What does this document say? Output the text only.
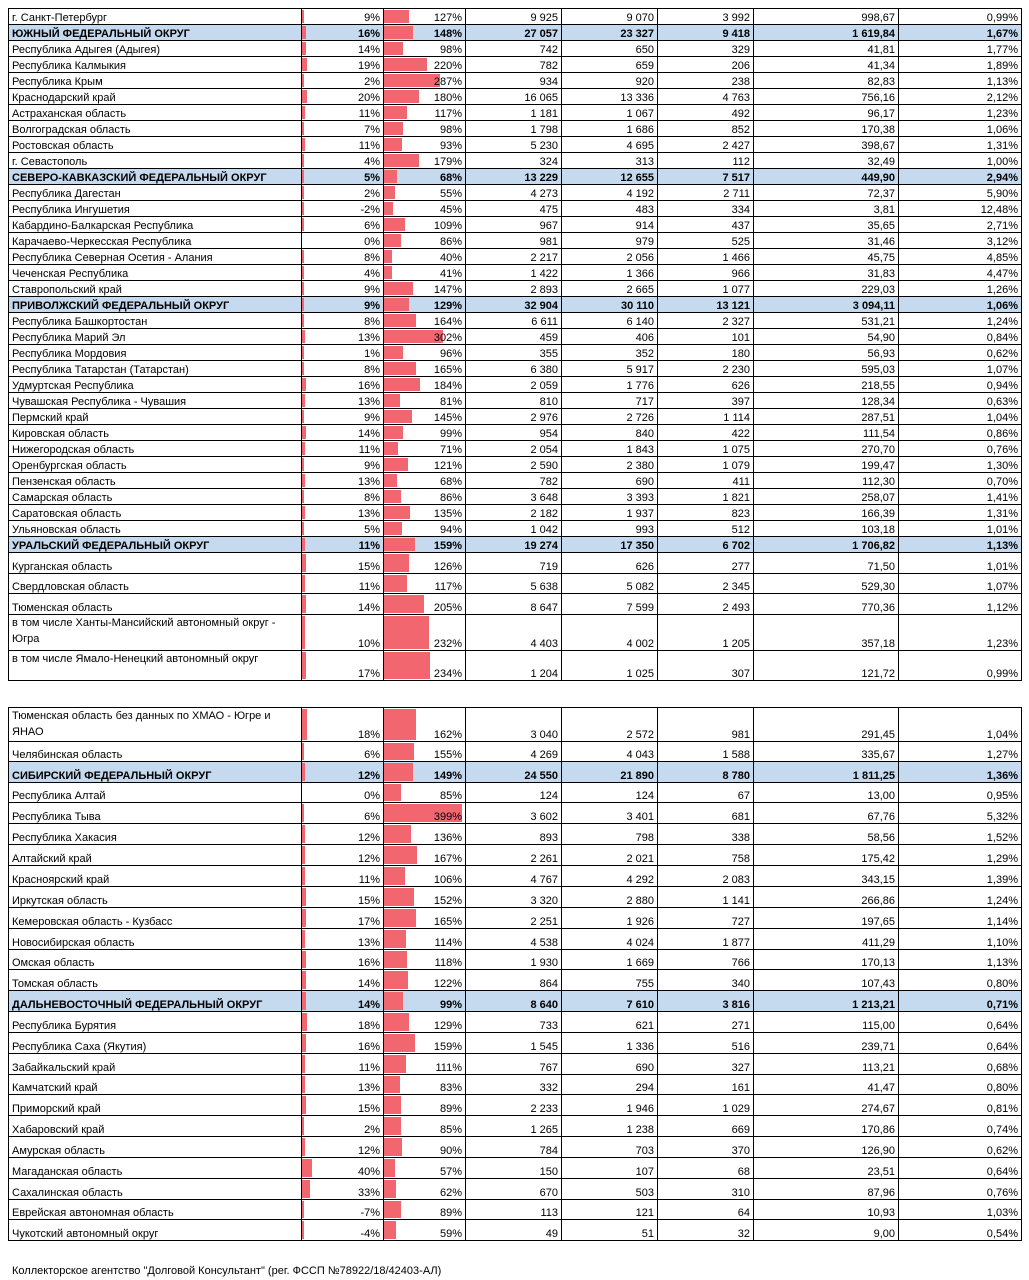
г. Санкт-Петербург	9%	127%	9 925	9 070	3 992	998,67	0,99%
ЮЖНЫЙ ФЕДЕРАЛЬНЫЙ ОКРУГ	16%	148%	27 057	23 327	9 418	1 619,84	1,67%
Республика Адыгея (Адыгея)	14%	98%	742	650	329	41,81	1,77%
Республика Калмыкия	19%	220%	782	659	206	41,34	1,89%
Республика Крым	2%	287%	934	920	238	82,83	1,13%
Краснодарский край	20%	180%	16 065	13 336	4 763	756,16	2,12%
Астраханская область	11%	117%	1 181	1 067	492	96,17	1,23%
Волгоградская область	7%	98%	1 798	1 686	852	170,38	1,06%
Ростовская область	11%	93%	5 230	4 695	2 427	398,67	1,31%
г. Севастополь	4%	179%	324	313	112	32,49	1,00%
СЕВЕРО-КАВКАЗСКИЙ ФЕДЕРАЛЬНЫЙ ОКРУГ	5%	68%	13 229	12 655	7 517	449,90	2,94%
Республика Дагестан	2%	55%	4 273	4 192	2 711	72,37	5,90%
Республика Ингушетия	-2%	45%	475	483	334	3,81	12,48%
Кабардино-Балкарская Республика	6%	109%	967	914	437	35,65	2,71%
Карачаево-Черкесская Республика	0%	86%	981	979	525	31,46	3,12%
Республика Северная Осетия - Алания	8%	40%	2 217	2 056	1 466	45,75	4,85%
Чеченская Республика	4%	41%	1 422	1 366	966	31,83	4,47%
Ставропольский край	9%	147%	2 893	2 665	1 077	229,03	1,26%
ПРИВОЛЖСКИЙ ФЕДЕРАЛЬНЫЙ ОКРУГ	9%	129%	32 904	30 110	13 121	3 094,11	1,06%
Республика Башкортостан	8%	164%	6 611	6 140	2 327	531,21	1,24%
Республика Марий Эл	13%	302%	459	406	101	54,90	0,84%
Республика Мордовия	1%	96%	355	352	180	56,93	0,62%
Республика Татарстан (Татарстан)	8%	165%	6 380	5 917	2 230	595,03	1,07%
Удмуртская Республика	16%	184%	2 059	1 776	626	218,55	0,94%
Чувашская Республика - Чувашия	13%	81%	810	717	397	128,34	0,63%
Пермский край	9%	145%	2 976	2 726	1 114	287,51	1,04%
Кировская область	14%	99%	954	840	422	111,54	0,86%
Нижегородская область	11%	71%	2 054	1 843	1 075	270,70	0,76%
Оренбургская область	9%	121%	2 590	2 380	1 079	199,47	1,30%
Пензенская область	13%	68%	782	690	411	112,30	0,70%
Самарская область	8%	86%	3 648	3 393	1 821	258,07	1,41%
Саратовская область	13%	135%	2 182	1 937	823	166,39	1,31%
Ульяновская область	5%	94%	1 042	993	512	103,18	1,01%
УРАЛЬСКИЙ ФЕДЕРАЛЬНЫЙ ОКРУГ	11%	159%	19 274	17 350	6 702	1 706,82	1,13%
Курганская область	15%	126%	719	626	277	71,50	1,01%
Свердловская область	11%	117%	5 638	5 082	2 345	529,30	1,07%
Тюменская область	14%	205%	8 647	7 599	2 493	770,36	1,12%
в том числе Ханты-Мансийский автономный округ - Югра	10%	232%	4 403	4 002	1 205	357,18	1,23%
в том числе Ямало-Ненецкий автономный округ	17%	234%	1 204	1 025	307	121,72	0,99%
Тюменская область без данных по ХМАО - Югре и ЯНАО	18%	162%	3 040	2 572	981	291,45	1,04%
Челябинская область	6%	155%	4 269	4 043	1 588	335,67	1,27%
СИБИРСКИЙ ФЕДЕРАЛЬНЫЙ ОКРУГ	12%	149%	24 550	21 890	8 780	1 811,25	1,36%
Республика Алтай	0%	85%	124	124	67	13,00	0,95%
Республика Тыва	6%	399%	3 602	3 401	681	67,76	5,32%
Республика Хакасия	12%	136%	893	798	338	58,56	1,52%
Алтайский край	12%	167%	2 261	2 021	758	175,42	1,29%
Красноярский край	11%	106%	4 767	4 292	2 083	343,15	1,39%
Иркутская область	15%	152%	3 320	2 880	1 141	266,86	1,24%
Кемеровская область - Кузбасс	17%	165%	2 251	1 926	727	197,65	1,14%
Новосибирская область	13%	114%	4 538	4 024	1 877	411,29	1,10%
Омская область	16%	118%	1 930	1 669	766	170,13	1,13%
Томская область	14%	122%	864	755	340	107,43	0,80%
ДАЛЬНЕВОСТОЧНЫЙ ФЕДЕРАЛЬНЫЙ ОКРУГ	14%	99%	8 640	7 610	3 816	1 213,21	0,71%
Республика Бурятия	18%	129%	733	621	271	115,00	0,64%
Республика Саха (Якутия)	16%	159%	1 545	1 336	516	239,71	0,64%
Забайкальский край	11%	111%	767	690	327	113,21	0,68%
Камчатский край	13%	83%	332	294	161	41,47	0,80%
Приморский край	15%	89%	2 233	1 946	1 029	274,67	0,81%
Хабаровский край	2%	85%	1 265	1 238	669	170,86	0,74%
Амурская область	12%	90%	784	703	370	126,90	0,62%
Магаданская область	40%	57%	150	107	68	23,51	0,64%
Сахалинская область	33%	62%	670	503	310	87,96	0,76%
Еврейская автономная область	-7%	89%	113	121	64	10,93	1,03%
Чукотский автономный округ	-4%	59%	49	51	32	9,00	0,54%
Коллекторское агентство "Долговой Консультант" (рег. ФССП №78922/18/42403-АЛ)
